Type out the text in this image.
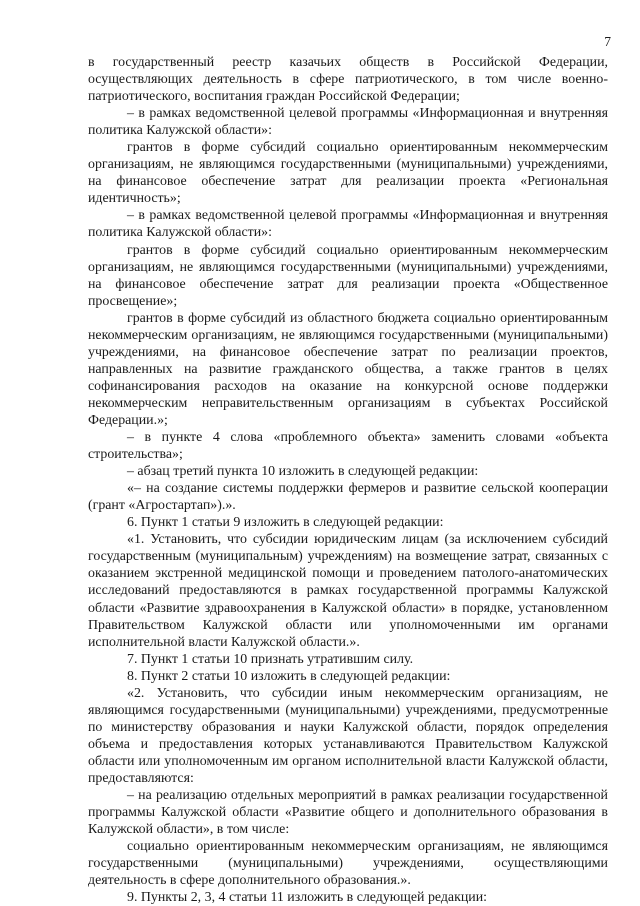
7

в государственный реестр казачьих обществ в Российской Федерации, осуществляющих деятельность в сфере патриотического, в том числе военно-патриотического, воспитания граждан Российской Федерации;

– в рамках ведомственной целевой программы «Информационная и внутренняя политика Калужской области»:

грантов в форме субсидий социально ориентированным некоммерческим организациям, не являющимся государственными (муниципальными) учреждениями, на финансовое обеспечение затрат для реализации проекта «Региональная идентичность»;

– в рамках ведомственной целевой программы «Информационная и внутренняя политика Калужской области»:

грантов в форме субсидий социально ориентированным некоммерческим организациям, не являющимся государственными (муниципальными) учреждениями, на финансовое обеспечение затрат для реализации проекта «Общественное просвещение»;

грантов в форме субсидий из областного бюджета социально ориентированным некоммерческим организациям, не являющимся государственными (муниципальными) учреждениями, на финансовое обеспечение затрат по реализации проектов, направленных на развитие гражданского общества, а также грантов в целях софинансирования расходов на оказание на конкурсной основе поддержки некоммерческим неправительственным организациям в субъектах Российской Федерации.»;

– в пункте 4 слова «проблемного объекта» заменить словами «объекта строительства»;

– абзац третий пункта 10 изложить в следующей редакции:

«– на создание системы поддержки фермеров и развитие сельской кооперации (грант «Агростартап»).».

6. Пункт 1 статьи 9 изложить в следующей редакции:

«1. Установить, что субсидии юридическим лицам (за исключением субсидий государственным (муниципальным) учреждениям) на возмещение затрат, связанных с оказанием экстренной медицинской помощи и проведением патолого-анатомических исследований предоставляются в рамках государственной программы Калужской области «Развитие здравоохранения в Калужской области» в порядке, установленном Правительством Калужской области или уполномоченными им органами исполнительной власти Калужской области.».

7. Пункт 1 статьи 10 признать утратившим силу.

8. Пункт 2 статьи 10 изложить в следующей редакции:

«2. Установить, что субсидии иным некоммерческим организациям, не являющимся государственными (муниципальными) учреждениями, предусмотренные по министерству образования и науки Калужской области, порядок определения объема и предоставления которых устанавливаются Правительством Калужской области или уполномоченным им органом исполнительной власти Калужской области, предоставляются:

– на реализацию отдельных мероприятий в рамках реализации государственной программы Калужской области «Развитие общего и дополнительного образования в Калужской области», в том числе:

социально ориентированным некоммерческим организациям, не являющимся государственными (муниципальными) учреждениями, осуществляющими деятельность в сфере дополнительного образования.».

9. Пункты 2, 3, 4 статьи 11 изложить в следующей редакции:
